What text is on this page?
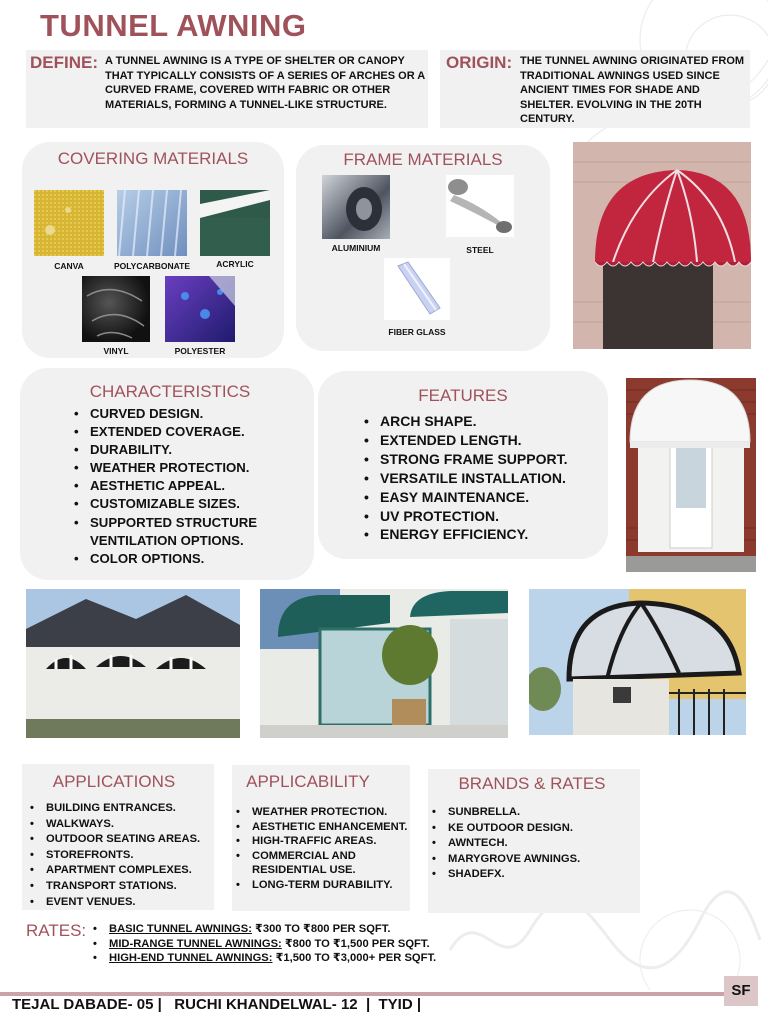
TUNNEL AWNING
DEFINE: A TUNNEL AWNING IS A TYPE OF SHELTER OR CANOPY THAT TYPICALLY CONSISTS OF A SERIES OF ARCHES OR A CURVED FRAME, COVERED WITH FABRIC OR OTHER MATERIALS, FORMING A TUNNEL-LIKE STRUCTURE.
ORIGIN: THE TUNNEL AWNING ORIGINATED FROM TRADITIONAL AWNINGS USED SINCE ANCIENT TIMES FOR SHADE AND SHELTER. EVOLVING IN THE 20TH CENTURY.
COVERING MATERIALS
CANVA	POLYCARBONATE	ACRYLIC
VINYL	POLYESTER
FRAME MATERIALS
ALUMINIUM	STEEL
FIBER GLASS
CHARACTERISTICS
• CURVED DESIGN.
• EXTENDED COVERAGE.
• DURABILITY.
• WEATHER PROTECTION.
• AESTHETIC APPEAL.
• CUSTOMIZABLE SIZES.
• SUPPORTED STRUCTURE VENTILATION OPTIONS.
• COLOR OPTIONS.
FEATURES
• ARCH SHAPE.
• EXTENDED LENGTH.
• STRONG FRAME SUPPORT.
• VERSATILE INSTALLATION.
• EASY MAINTENANCE.
• UV PROTECTION.
• ENERGY EFFICIENCY.
APPLICATIONS
• BUILDING ENTRANCES.
• WALKWAYS.
• OUTDOOR SEATING AREAS.
• STOREFRONTS.
• APARTMENT COMPLEXES.
• TRANSPORT STATIONS.
• EVENT VENUES.
APPLICABILITY
• WEATHER PROTECTION.
• AESTHETIC ENHANCEMENT.
• HIGH-TRAFFIC AREAS.
• COMMERCIAL AND RESIDENTIAL USE.
• LONG-TERM DURABILITY.
BRANDS & RATES
• SUNBRELLA.
• KE OUTDOOR DESIGN.
• AWNTECH.
• MARYGROVE AWNINGS.
• SHADEFX.
RATES:
•	BASIC TUNNEL AWNINGS: ₹300 TO ₹800 PER SQFT.
• MID-RANGE TUNNEL AWNINGS: ₹800 TO ₹1,500 PER SQFT.
• HIGH-END TUNNEL AWNINGS: ₹1,500 TO ₹3,000+ PER SQFT.
SF
TEJAL DABADE- 05 |   RUCHI KHANDELWAL- 12  |  TYID |
